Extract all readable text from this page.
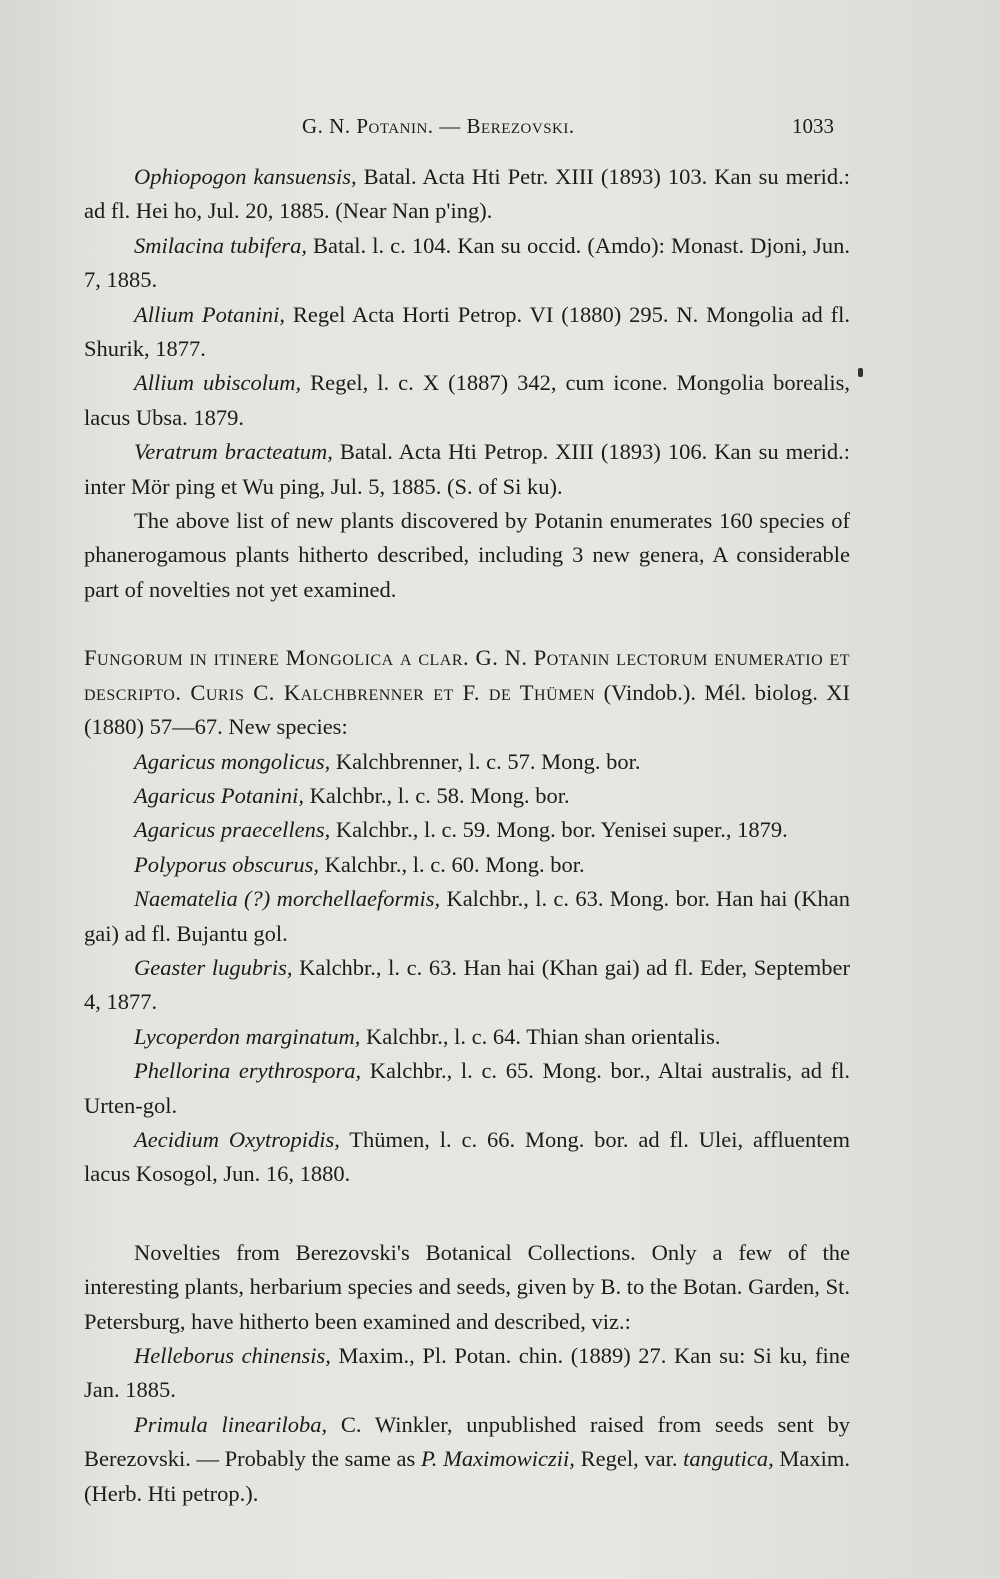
G. N. Potanin. — Berezovski.	1033

Ophiopogon kansuensis, Batal. Acta Hti Petr. XIII (1893) 103. Kan su merid.: ad fl. Hei ho, Jul. 20, 1885. (Near Nan p'ing).

Smilacina tubifera, Batal. l. c. 104. Kan su occid. (Amdo): Monast. Djoni, Jun. 7, 1885.

Allium Potanini, Regel Acta Horti Petrop. VI (1880) 295. N. Mongolia ad fl. Shurik, 1877.

Allium ubiscolum, Regel, l. c. X (1887) 342, cum icone. Mongolia borealis, lacus Ubsa. 1879.

Veratrum bracteatum, Batal. Acta Hti Petrop. XIII (1893) 106. Kan su merid.: inter Mör ping et Wu ping, Jul. 5, 1885. (S. of Si ku).

The above list of new plants discovered by Potanin enumerates 160 species of phanerogamous plants hitherto described, including 3 new genera, A considerable part of novelties not yet examined.

Fungorum in itinere Mongolica a clar. G. N. Potanin lectorum enumeratio et descripto. Curis C. Kalchbrenner et F. de Thümen (Vindob.). Mél. biolog. XI (1880) 57—67. New species:

Agaricus mongolicus, Kalchbrenner, l. c. 57. Mong. bor.

Agaricus Potanini, Kalchbr., l. c. 58. Mong. bor.

Agaricus praecellens, Kalchbr., l. c. 59. Mong. bor. Yenisei super., 1879.

Polyporus obscurus, Kalchbr., l. c. 60. Mong. bor.

Naematelia (?) morchellaeformis, Kalchbr., l. c. 63. Mong. bor. Han hai (Khan gai) ad fl. Bujantu gol.

Geaster lugubris, Kalchbr., l. c. 63. Han hai (Khan gai) ad fl. Eder, September 4, 1877.

Lycoperdon marginatum, Kalchbr., l. c. 64. Thian shan orientalis.

Phellorina erythrospora, Kalchbr., l. c. 65. Mong. bor., Altai australis, ad fl. Urten-gol.

Aecidium Oxytropidis, Thümen, l. c. 66. Mong. bor. ad fl. Ulei, affluentem lacus Kosogol, Jun. 16, 1880.

Novelties from Berezovski's Botanical Collections. Only a few of the interesting plants, herbarium species and seeds, given by B. to the Botan. Garden, St. Petersburg, have hitherto been examined and described, viz.:

Helleborus chinensis, Maxim., Pl. Potan. chin. (1889) 27. Kan su: Si ku, fine Jan. 1885.

Primula lineariloba, C. Winkler, unpublished raised from seeds sent by Berezovski. — Probably the same as P. Maximowiczii, Regel, var. tangutica, Maxim. (Herb. Hti petrop.).
